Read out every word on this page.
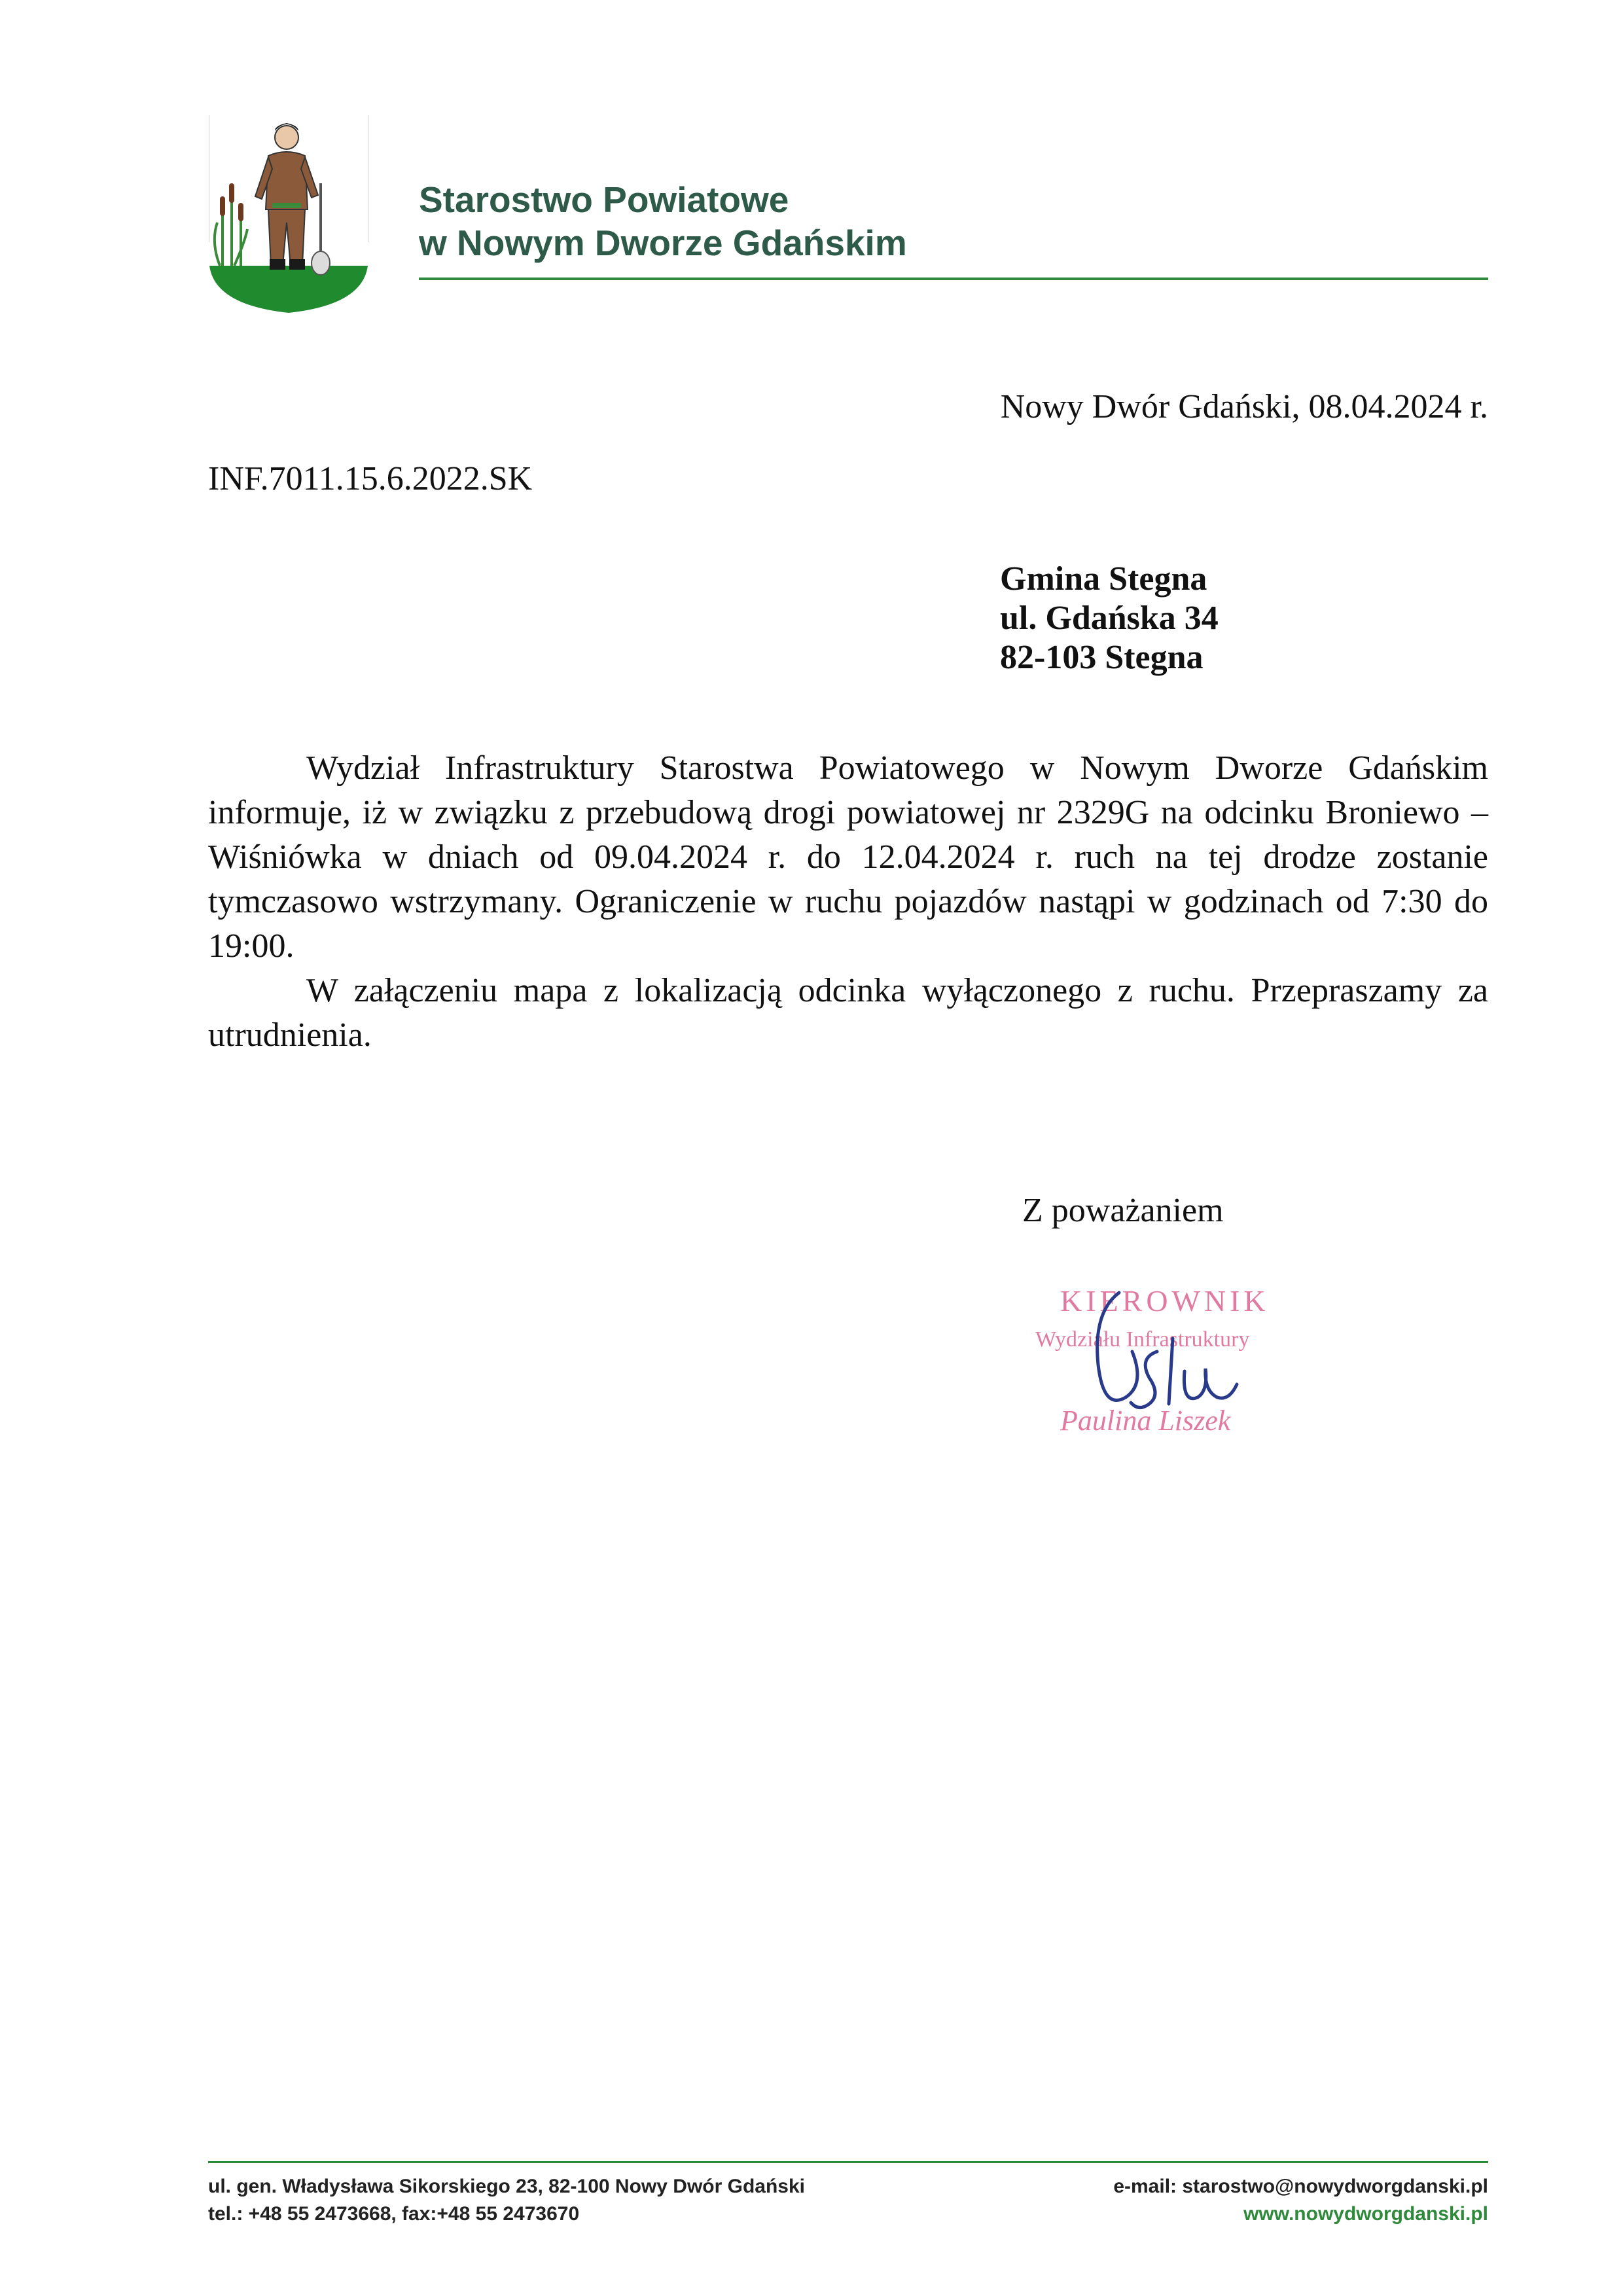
Starostwo Powiatowe
w Nowym Dworze Gdańskim
Nowy Dwór Gdański, 08.04.2024 r.
INF.7011.15.6.2022.SK
Gmina Stegna
ul. Gdańska 34
82-103 Stegna

Wydział Infrastruktury Starostwa Powiatowego w Nowym Dworze Gdańskim informuje, iż w związku z przebudową drogi powiatowej nr 2329G na odcinku Broniewo – Wiśniówka w dniach od 09.04.2024 r. do 12.04.2024 r. ruch na tej drodze zostanie tymczasowo wstrzymany. Ograniczenie w ruchu pojazdów nastąpi w godzinach od 7:30 do 19:00.

W załączeniu mapa z lokalizacją odcinka wyłączonego z ruchu. Przepraszamy za utrudnienia.

Z poważaniem
KIEROWNIK
Wydziału Infrastruktury
Paulina Liszek
ul. gen. Władysława Sikorskiego 23, 82-100 Nowy Dwór Gdański
tel.: +48 55 2473668, fax:+48 55 2473670
e-mail: starostwo@nowydworgdanski.pl
www.nowydworgdanski.pl
